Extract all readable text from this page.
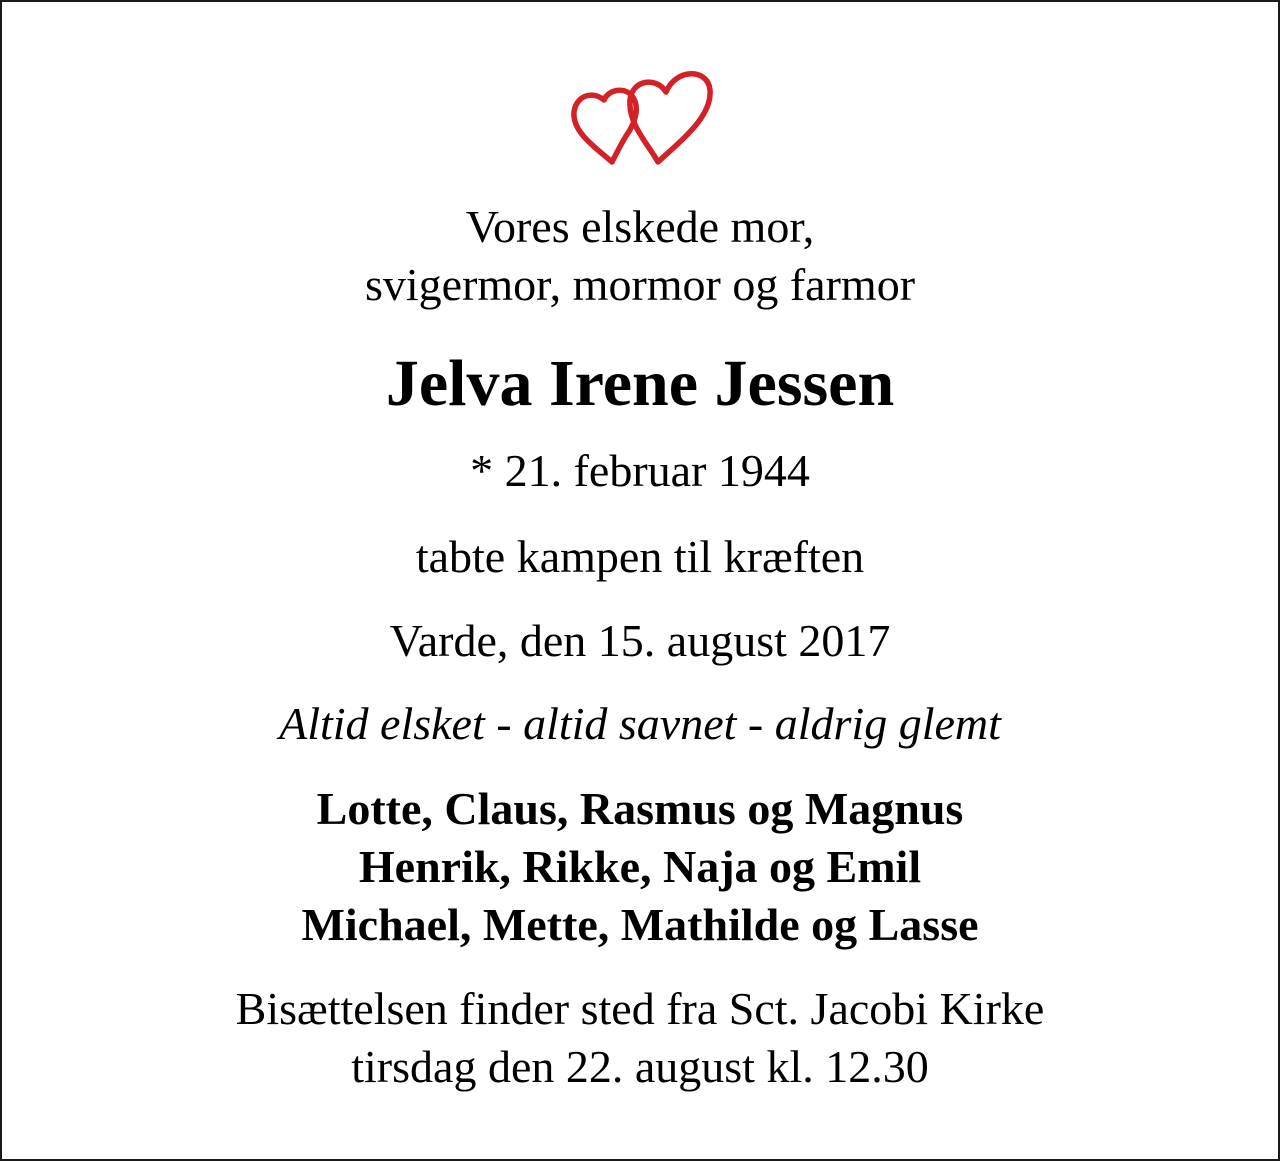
Vores elskede mor,
svigermor, mormor og farmor
Jelva Irene Jessen
* 21. februar 1944
tabte kampen til kræften
Varde, den 15. august 2017
Altid elsket - altid savnet - aldrig glemt
Lotte, Claus, Rasmus og Magnus
Henrik, Rikke, Naja og Emil
Michael, Mette, Mathilde og Lasse
Bisættelsen finder sted fra Sct. Jacobi Kirke
tirsdag den 22. august kl. 12.30
